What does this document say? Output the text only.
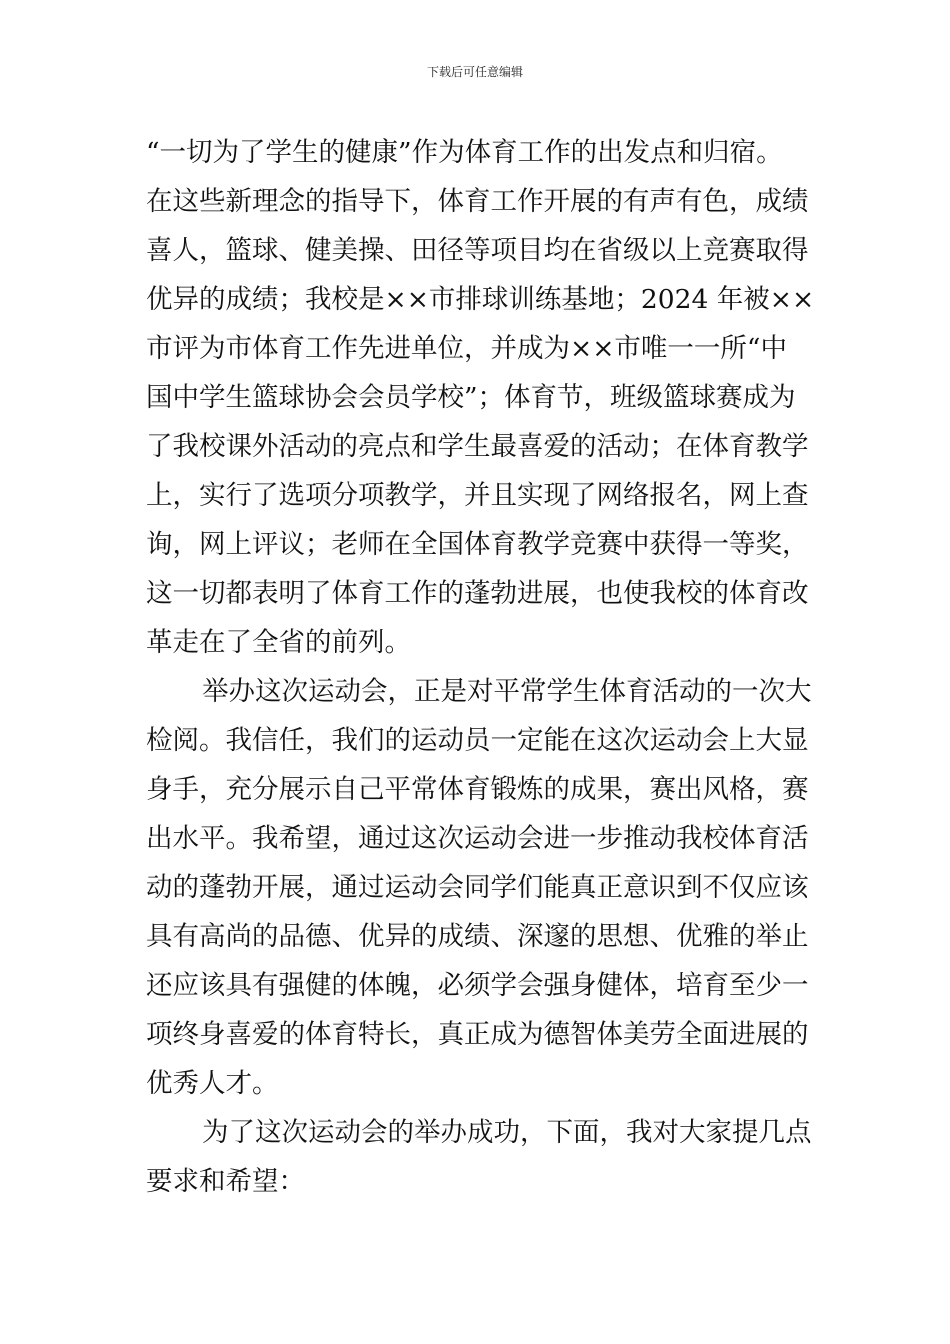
下载后可任意编辑
“一切为了学生的健康”作为体育工作的出发点和归宿。
在这些新理念的指导下，体育工作开展的有声有色，成绩
喜人，篮球、健美操、田径等项目均在省级以上竞赛取得
优异的成绩；我校是××市排球训练基地；2024 年被××
市评为市体育工作先进单位，并成为××市唯一一所“中
国中学生篮球协会会员学校”；体育节，班级篮球赛成为
了我校课外活动的亮点和学生最喜爱的活动；在体育教学
上，实行了选项分项教学，并且实现了网络报名，网上查
询，网上评议；老师在全国体育教学竞赛中获得一等奖，
这一切都表明了体育工作的蓬勃进展，也使我校的体育改
革走在了全省的前列。
举办这次运动会，正是对平常学生体育活动的一次大
检阅。我信任，我们的运动员一定能在这次运动会上大显
身手，充分展示自己平常体育锻炼的成果，赛出风格，赛
出水平。我希望，通过这次运动会进一步推动我校体育活
动的蓬勃开展，通过运动会同学们能真正意识到不仅应该
具有高尚的品德、优异的成绩、深邃的思想、优雅的举止
还应该具有强健的体魄，必须学会强身健体，培育至少一
项终身喜爱的体育特长，真正成为德智体美劳全面进展的
优秀人才。
为了这次运动会的举办成功，下面，我对大家提几点
要求和希望：
